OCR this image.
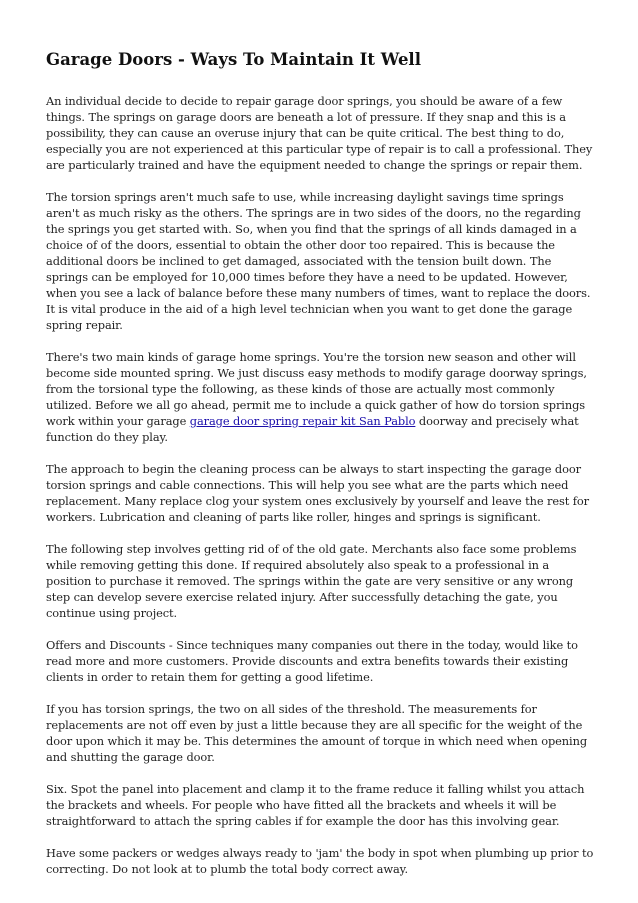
Garage Doors - Ways To Maintain It Well

An individual decide to decide to repair garage door springs, you should be aware of a few things. The springs on garage doors are beneath a lot of pressure. If they snap and this is a possibility, they can cause an overuse injury that can be quite critical. The best thing to do, especially you are not experienced at this particular type of repair is to call a professional. They are particularly trained and have the equipment needed to change the springs or repair them.

The torsion springs aren't much safe to use, while increasing daylight savings time springs aren't as much risky as the others. The springs are in two sides of the doors, no the regarding the springs you get started with. So, when you find that the springs of all kinds damaged in a choice of of the doors, essential to obtain the other door too repaired. This is because the additional doors be inclined to get damaged, associated with the tension built down. The springs can be employed for 10,000 times before they have a need to be updated. However, when you see a lack of balance before these many numbers of times, want to replace the doors. It is vital produce in the aid of a high level technician when you want to get done the garage spring repair.

There's two main kinds of garage home springs. You're the torsion new season and other will become side mounted spring. We just discuss easy methods to modify garage doorway springs, from the torsional type the following, as these kinds of those are actually most commonly utilized. Before we all go ahead, permit me to include a quick gather of how do torsion springs work within your garage garage door spring repair kit San Pablo doorway and precisely what function do they play.

The approach to begin the cleaning process can be always to start inspecting the garage door torsion springs and cable connections. This will help you see what are the parts which need replacement. Many replace clog your system ones exclusively by yourself and leave the rest for workers. Lubrication and cleaning of parts like roller, hinges and springs is significant.

The following step involves getting rid of of the old gate. Merchants also face some problems while removing getting this done. If required absolutely also speak to a professional in a position to purchase it removed. The springs within the gate are very sensitive or any wrong step can develop severe exercise related injury. After successfully detaching the gate, you continue using project.

Offers and Discounts - Since techniques many companies out there in the today, would like to read more and more customers. Provide discounts and extra benefits towards their existing clients in order to retain them for getting a good lifetime.

If you has torsion springs, the two on all sides of the threshold. The measurements for replacements are not off even by just a little because they are all specific for the weight of the door upon which it may be. This determines the amount of torque in which need when opening and shutting the garage door.

Six. Spot the panel into placement and clamp it to the frame reduce it falling whilst you attach the brackets and wheels. For people who have fitted all the brackets and wheels it will be straightforward to attach the spring cables if for example the door has this involving gear.

Have some packers or wedges always ready to 'jam' the body in spot when plumbing up prior to correcting. Do not look at to plumb the total body correct away.
